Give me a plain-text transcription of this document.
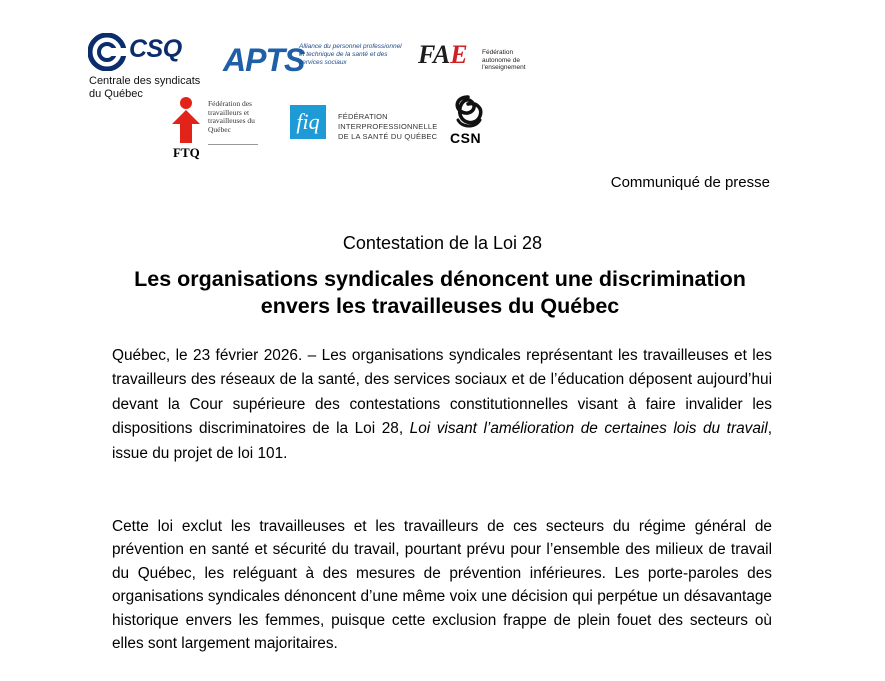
CSQ
Centrale des syndicats du Québec
APTS
Alliance du personnel professionnel et technique de la santé et des services sociaux	FAE Fédération autonome de l'enseignement
Fédération des travailleurs et travailleuses du Québec
FTQ
fiq	FÉDÉRATION
INTERPROFESSIONNELLE
DE LA SANTÉ DU QUÉBEC CSN
Communiqué de presse
Contestation de la Loi 28
Les organisations syndicales dénoncent une discrimination envers les travailleuses du Québec

Québec, le 23 février 2026. – Les organisations syndicales représentant les travailleuses et les travailleurs des réseaux de la santé, des services sociaux et de l’éducation déposent aujourd’hui devant la Cour supérieure des contestations constitutionnelles visant à faire invalider les dispositions discriminatoires de la Loi 28, Loi visant l’amélioration de certaines lois du travail, issue du projet de loi 101.

Cette loi exclut les travailleuses et les travailleurs de ces secteurs du régime général de prévention en santé et sécurité du travail, pourtant prévu pour l’ensemble des milieux de travail du Québec, les reléguant à des mesures de prévention inférieures. Les porte-paroles des organisations syndicales dénoncent d’une même voix une décision qui perpétue un désavantage historique envers les femmes, puisque cette exclusion frappe de plein fouet des secteurs où elles sont largement majoritaires.
